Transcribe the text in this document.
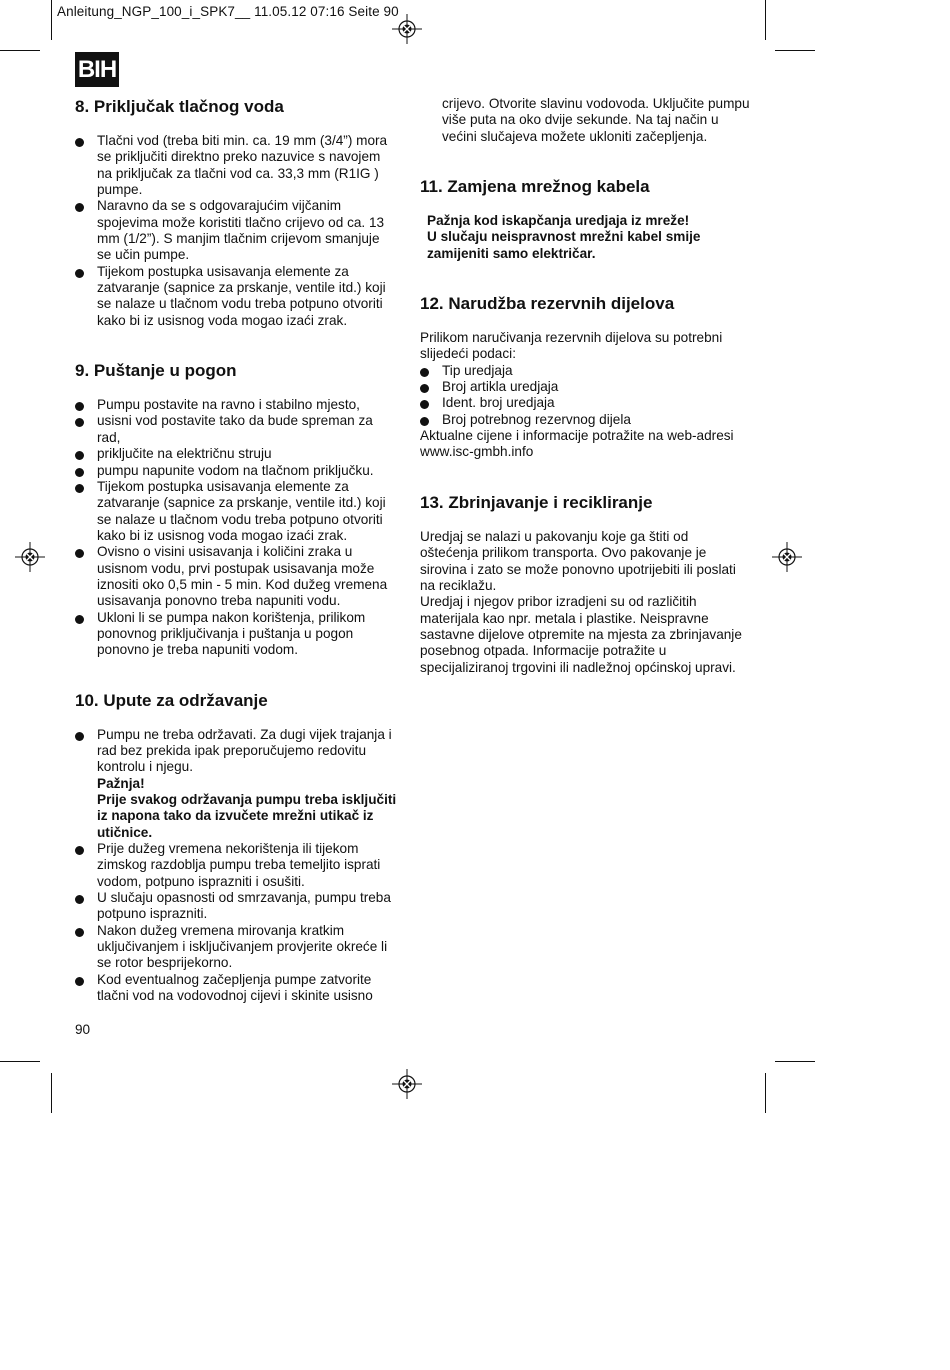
Anleitung_NGP_100_i_SPK7__ 11.05.12 07:16 Seite 90
BIH
8. Priključak tlačnog voda
Tlačni vod (treba biti min. ca. 19 mm (3/4”) mora se priključiti direktno preko nazuvice s navojem na priključak za tlačni vod ca. 33,3 mm (R1IG ) pumpe.
Naravno da se s odgovarajućim vijčanim spojevima može koristiti tlačno crijevo od ca. 13 mm (1/2”). S manjim tlačnim crijevom smanjuje se učin pumpe.
Tijekom postupka usisavanja elemente za zatvaranje (sapnice za prskanje, ventile itd.) koji se nalaze u tlačnom vodu treba potpuno otvoriti kako bi iz usisnog voda mogao izaći zrak.
9. Puštanje u pogon
Pumpu postavite na ravno i stabilno mjesto,
usisni vod postavite tako da bude spreman za rad,
priključite na električnu struju
pumpu napunite vodom na tlačnom priključku.
Tijekom postupka usisavanja elemente za zatvaranje (sapnice za prskanje, ventile itd.) koji se nalaze u tlačnom vodu treba potpuno otvoriti kako bi iz usisnog voda mogao izaći zrak.
Ovisno o visini usisavanja i količini zraka u usisnom vodu, prvi postupak usisavanja može iznositi oko 0,5 min - 5 min. Kod dužeg vremena usisavanja ponovno treba napuniti vodu.
Ukloni li se pumpa nakon korištenja, prilikom ponovnog priključivanja i puštanja u pogon ponovno je treba napuniti vodom.
10. Upute za održavanje
Pumpu ne treba održavati. Za dugi vijek trajanja i rad bez prekida ipak preporučujemo redovitu kontrolu i njegu.
Pažnja!
Prije svakog održavanja pumpu treba isključiti iz napona tako da izvučete mrežni utikač iz utičnice.
Prije dužeg vremena nekorištenja ili tijekom zimskog razdoblja pumpu treba temeljito isprati vodom, potpuno isprazniti i osušiti.
U slučaju opasnosti od smrzavanja, pumpu treba potpuno isprazniti.
Nakon dužeg vremena mirovanja kratkim uključivanjem i isključivanjem provjerite okreće li se rotor besprijekorno.
Kod eventualnog začepljenja pumpe zatvorite tlačni vod na vodovodnoj cijevi i skinite usisno

crijevo. Otvorite slavinu vodovoda. Uključite pumpu više puta na oko dvije sekunde. Na taj način u većini slučajeva možete ukloniti začepljenja.

11. Zamjena mrežnog kabela

Pažnja kod iskapčanja uredjaja iz mreže!
U slučaju neispravnost mrežni kabel smije zamijeniti samo električar.

12. Narudžba rezervnih dijelova

Prilikom naručivanja rezervnih dijelova su potrebni slijedeći podaci:

Tip uredjaja
Broj artikla uredjaja
Ident. broj uredjaja
Broj potrebnog rezervnog dijela

Aktualne cijene i informacije potražite na web-adresi www.isc-gmbh.info

13. Zbrinjavanje i recikliranje

Uredjaj se nalazi u pakovanju koje ga štiti od oštećenja prilikom transporta. Ovo pakovanje je sirovina i zato se može ponovno upotrijebiti ili poslati na reciklažu.

Uredjaj i njegov pribor izradjeni su od različitih materijala kao npr. metala i plastike. Neispravne sastavne dijelove otpremite na mjesta za zbrinjavanje posebnog otpada. Informacije potražite u specijaliziranoj trgovini ili nadležnoj općinskoj upravi.

90
